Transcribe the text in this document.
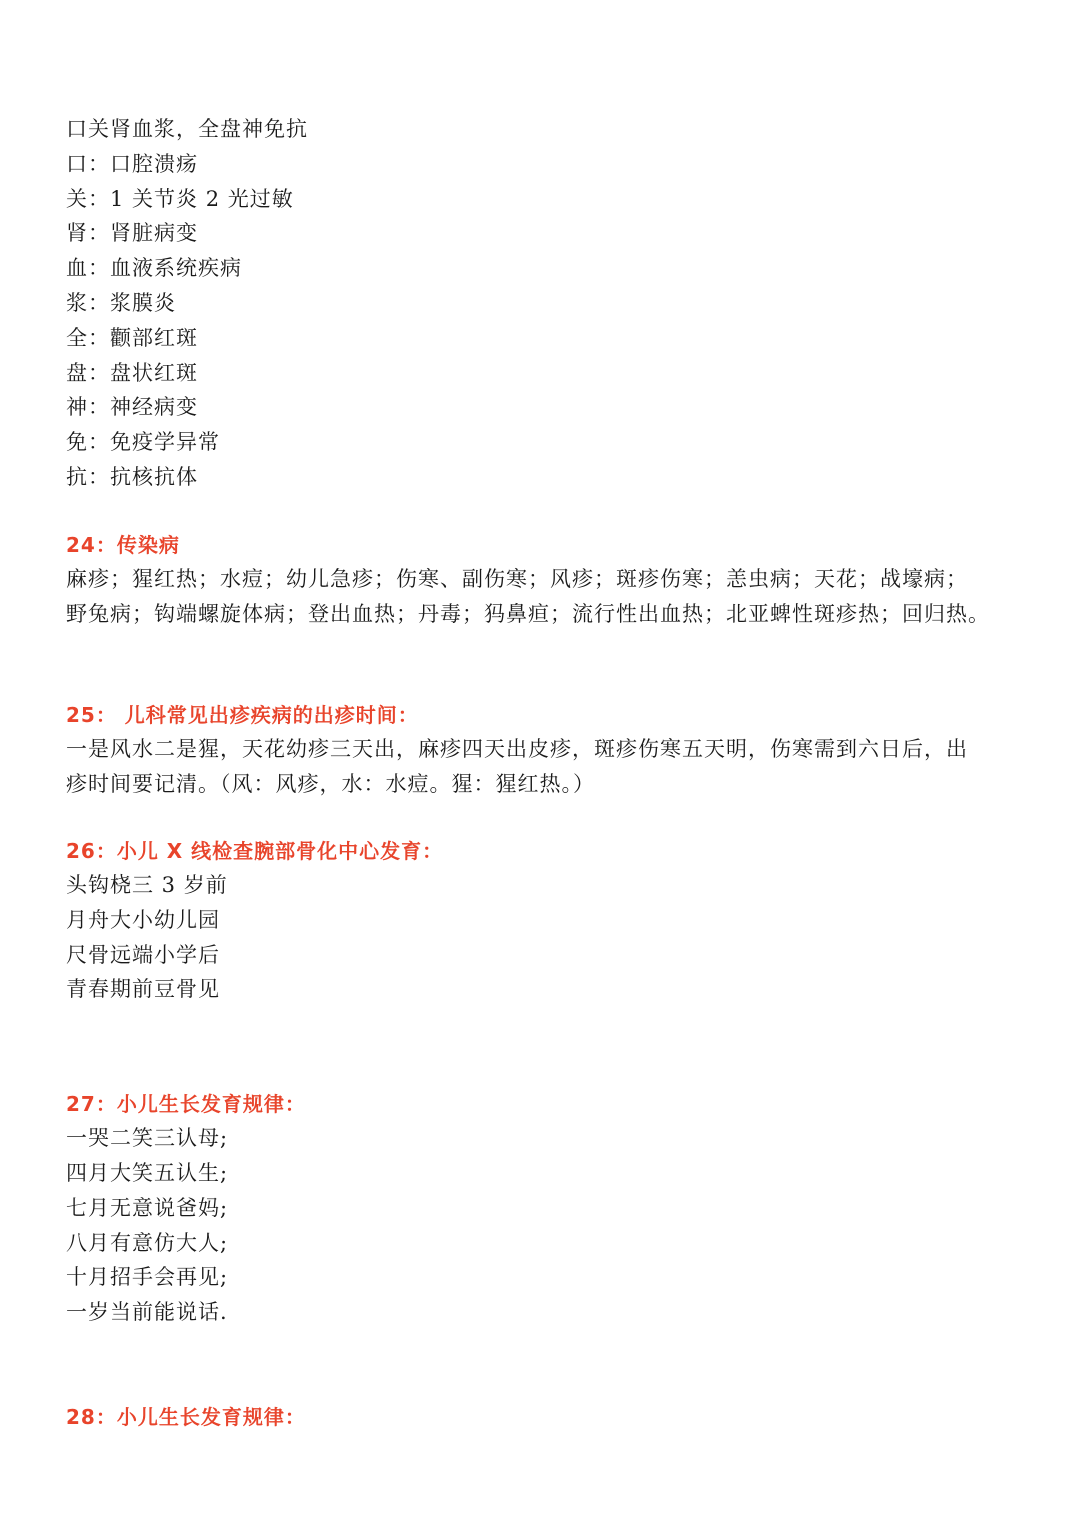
口关肾血浆，全盘神免抗
口：口腔溃疡
关：1 关节炎 2 光过敏
肾：肾脏病变
血：血液系统疾病
浆：浆膜炎
全：颧部红斑
盘：盘状红斑
神：神经病变
免：免疫学异常
抗：抗核抗体
24：传染病
麻疹；猩红热；水痘；幼儿急疹；伤寒、副伤寒；风疹；斑疹伤寒；恙虫病；天花；战壕病；
野兔病；钩端螺旋体病；登出血热；丹毒；犸鼻疸；流行性出血热；北亚蜱性斑疹热；回归热。
25： 儿科常见出疹疾病的出疹时间：
一是风水二是猩，天花幼疹三天出，麻疹四天出皮疹，斑疹伤寒五天明，伤寒需到六日后，出
疹时间要记清。（风：风疹，水：水痘。猩：猩红热。）
26：小儿 X 线检查腕部骨化中心发育：
头钩桡三 3 岁前
月舟大小幼儿园
尺骨远端小学后
青春期前豆骨见
27：小儿生长发育规律：
一哭二笑三认母;
四月大笑五认生;
七月无意说爸妈;
八月有意仿大人;
十月招手会再见;
一岁当前能说话.
28：小儿生长发育规律：
